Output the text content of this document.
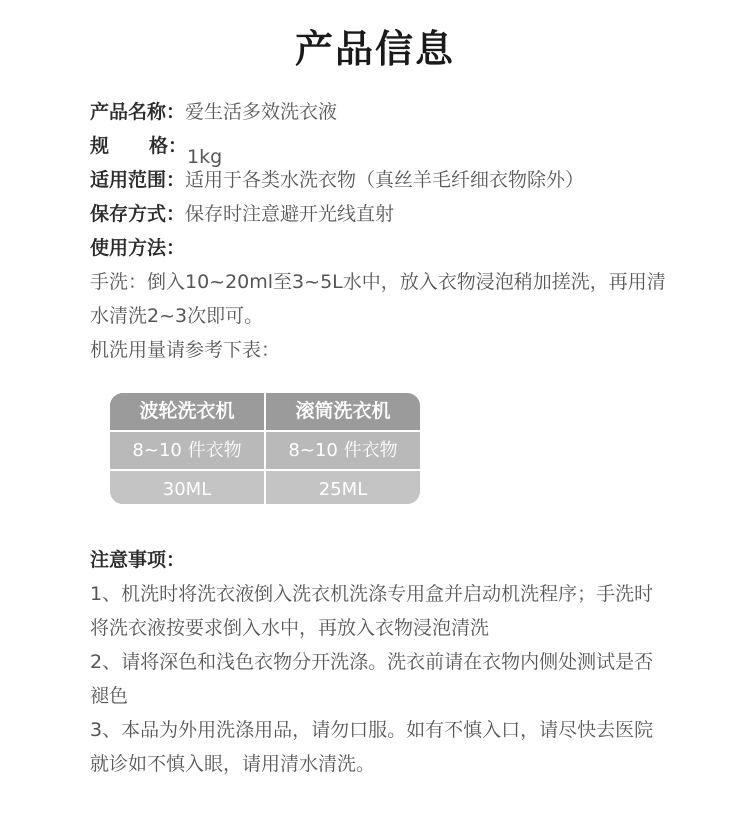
产品信息
产品名称：爱生活多效洗衣液
规 格： 1kg
适用范围：适用于各类水洗衣物（真丝羊毛纤细衣物除外）
保存方式：保存时注意避开光线直射
使用方法：
手洗：倒入10~20ml至3~5L水中，放入衣物浸泡稍加搓洗，再用清水清洗2~3次即可。
机洗用量请参考下表：
波轮洗衣机	滚筒洗衣机
8~10 件衣物	8~10 件衣物
30ML	25ML
注意事项：
1、机洗时将洗衣液倒入洗衣机洗涤专用盒并启动机洗程序；手洗时将洗衣液按要求倒入水中，再放入衣物浸泡清洗
2、请将深色和浅色衣物分开洗涤。洗衣前请在衣物内侧处测试是否褪色
3、本品为外用洗涤用品，请勿口服。如有不慎入口，请尽快去医院就诊如不慎入眼，请用清水清洗。
